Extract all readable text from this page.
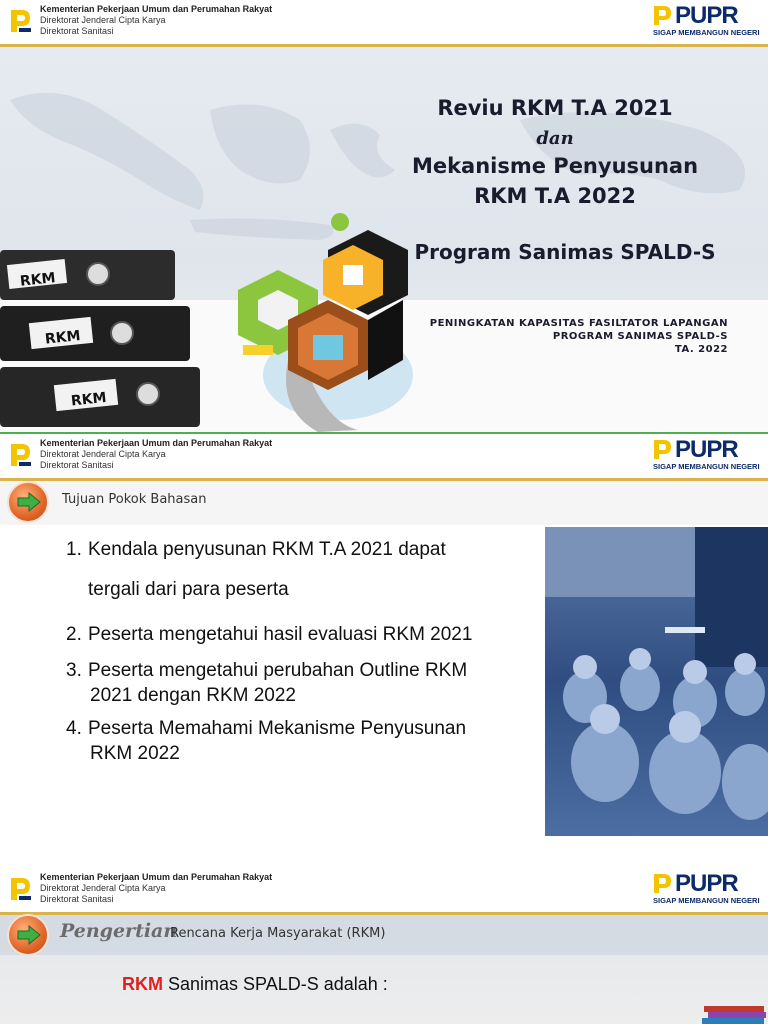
Kementerian Pekerjaan Umum dan Perumahan Rakyat
Direktorat Jenderal Cipta Karya
Direktorat Sanitasi
PUPR
SIGAP MEMBANGUN NEGERI
Reviu RKM T.A 2021
dan
Mekanisme Penyusunan
RKM T.A 2022
Program Sanimas SPALD-S
PENINGKATAN KAPASITAS FASILTATOR LAPANGAN
PROGRAM SANIMAS SPALD-S
TA. 2022
RKM
RKM
RKM
Kementerian Pekerjaan Umum dan Perumahan Rakyat
Direktorat Jenderal Cipta Karya
Direktorat Sanitasi
PUPR
SIGAP MEMBANGUN NEGERI
Tujuan Pokok Bahasan
1. Kendala penyusunan RKM T.A 2021 dapat
tergali dari para peserta
2. Peserta mengetahui hasil evaluasi RKM 2021
3. Peserta mengetahui perubahan Outline RKM
2021 dengan RKM 2022
4. Peserta Memahami Mekanisme Penyusunan
RKM 2022
Kementerian Pekerjaan Umum dan Perumahan Rakyat
Direktorat Jenderal Cipta Karya
Direktorat Sanitasi
PUPR
SIGAP MEMBANGUN NEGERI
Pengertian
Rencana Kerja Masyarakat (RKM)
RKM Sanimas SPALD-S adalah :
